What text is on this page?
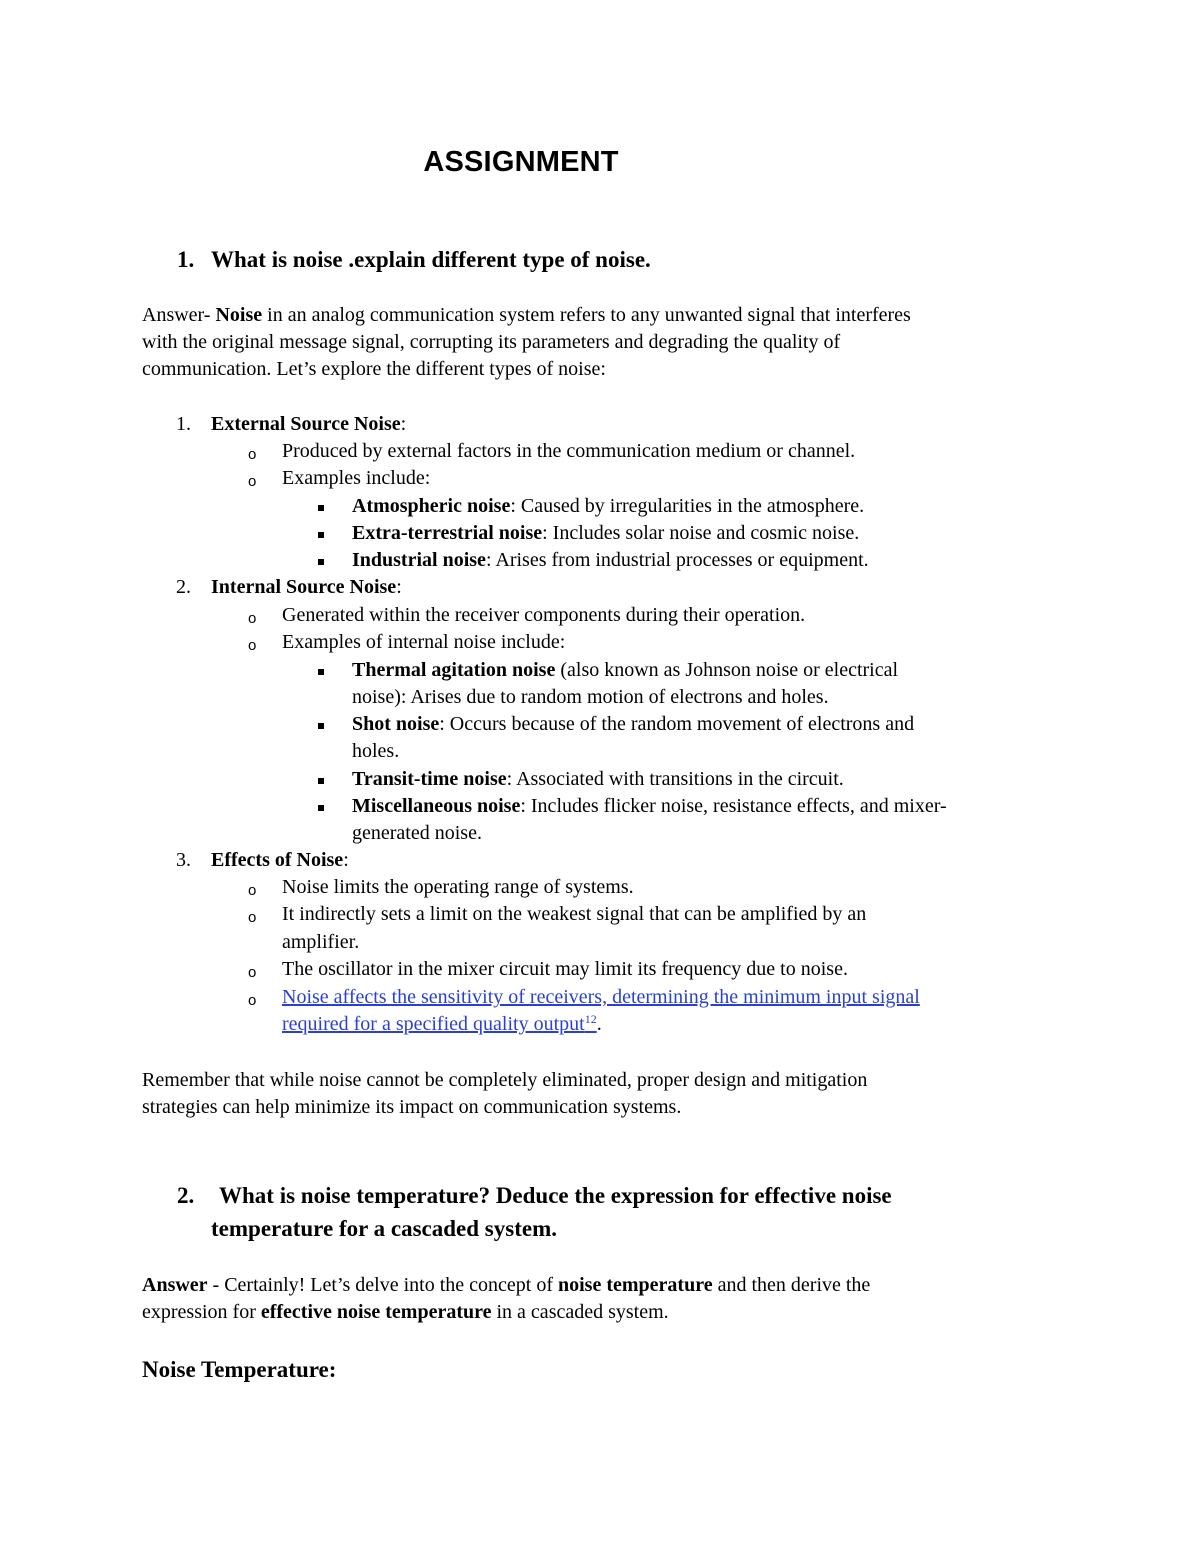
ASSIGNMENT
1. What is noise .explain different type of noise.
Answer- Noise in an analog communication system refers to any unwanted signal that interferes
with the original message signal, corrupting its parameters and degrading the quality of
communication. Let’s explore the different types of noise:
1. External Source Noise:
o Produced by external factors in the communication medium or channel.
o Examples include:
Atmospheric noise: Caused by irregularities in the atmosphere.
Extra-terrestrial noise: Includes solar noise and cosmic noise.
Industrial noise: Arises from industrial processes or equipment.
2. Internal Source Noise:
o Generated within the receiver components during their operation.
o Examples of internal noise include:
Thermal agitation noise (also known as Johnson noise or electrical
noise): Arises due to random motion of electrons and holes.
Shot noise: Occurs because of the random movement of electrons and
holes.
Transit-time noise: Associated with transitions in the circuit.
Miscellaneous noise: Includes flicker noise, resistance effects, and mixer-
generated noise.
3. Effects of Noise:
o Noise limits the operating range of systems.
o It indirectly sets a limit on the weakest signal that can be amplified by an
amplifier.
o The oscillator in the mixer circuit may limit its frequency due to noise.
o Noise affects the sensitivity of receivers, determining the minimum input signal
required for a specified quality output$^{12}$.
Remember that while noise cannot be completely eliminated, proper design and mitigation
strategies can help minimize its impact on communication systems.
2. What is noise temperature? Deduce the expression for effective noise
temperature for a cascaded system.
Answer - Certainly! Let’s delve into the concept of noise temperature and then derive the
expression for effective noise temperature in a cascaded system.
Noise Temperature:
